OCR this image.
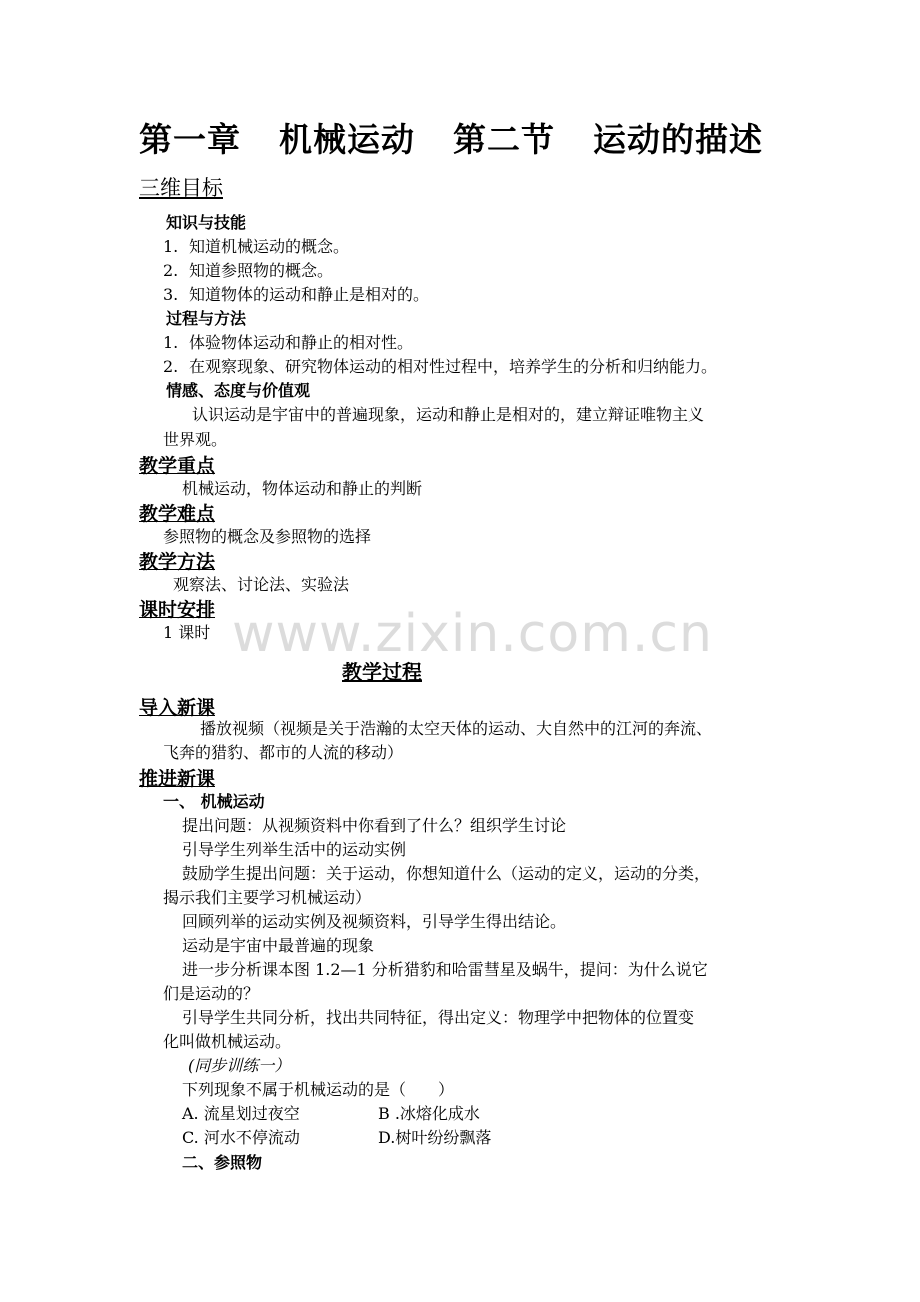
www.zixin.com.cn
第一章 机械运动 第二节 运动的描述
三维目标
知识与技能
1. 知道机械运动的概念。
2. 知道参照物的概念。
3. 知道物体的运动和静止是相对的。
过程与方法
1. 体验物体运动和静止的相对性。
2. 在观察现象、研究物体运动的相对性过程中，培养学生的分析和归纳能力。
情感、态度与价值观
认识运动是宇宙中的普遍现象，运动和静止是相对的，建立辩证唯物主义
世界观。
教学重点
机械运动，物体运动和静止的判断
教学难点
参照物的概念及参照物的选择
教学方法
观察法、讨论法、实验法
课时安排
1 课时
教学过程
导入新课
播放视频（视频是关于浩瀚的太空天体的运动、大自然中的江河的奔流、
飞奔的猎豹、都市的人流的移动）
推进新课
一、 机械运动
提出问题：从视频资料中你看到了什么？组织学生讨论
引导学生列举生活中的运动实例
鼓励学生提出问题：关于运动，你想知道什么（运动的定义，运动的分类，
揭示我们主要学习机械运动）
回顾列举的运动实例及视频资料，引导学生得出结论。
运动是宇宙中最普遍的现象
进一步分析课本图 1.2—1 分析猎豹和哈雷彗星及蜗牛，提问：为什么说它
们是运动的？
引导学生共同分析，找出共同特征，得出定义：物理学中把物体的位置变
化叫做机械运动。
(同步训练一）
下列现象不属于机械运动的是（　　）
A. 流星划过夜空	B .冰熔化成水
C. 河水不停流动	D.树叶纷纷飘落
二、参照物
